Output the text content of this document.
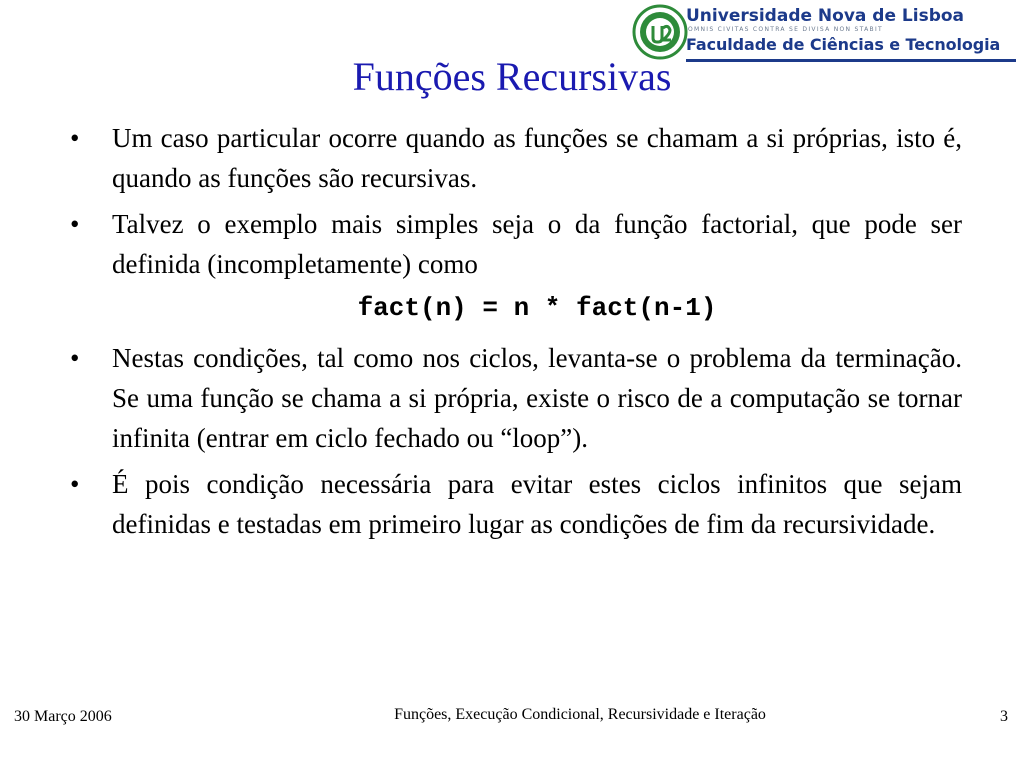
Universidade Nova de Lisboa
OMNIS CIVITAS CONTRA SE DIVISA NON STABIT
Faculdade de Ciências e Tecnologia
Funções Recursivas
• Um caso particular ocorre quando as funções se chamam a si próprias, isto é, quando as funções são recursivas.
• Talvez o exemplo mais simples seja o da função factorial, que pode ser definida (incompletamente) como
fact(n) = n * fact(n-1)
• Nestas condições, tal como nos ciclos, levanta-se o problema da terminação. Se uma função se chama a si própria, existe o risco de a computação se tornar infinita (entrar em ciclo fechado ou “loop”).
• É pois condição necessária para evitar estes ciclos infinitos que sejam definidas e testadas em primeiro lugar as condições de fim da recursividade.
30 Março 2006	Funções, Execução Condicional, Recursividade e Iteração	3
